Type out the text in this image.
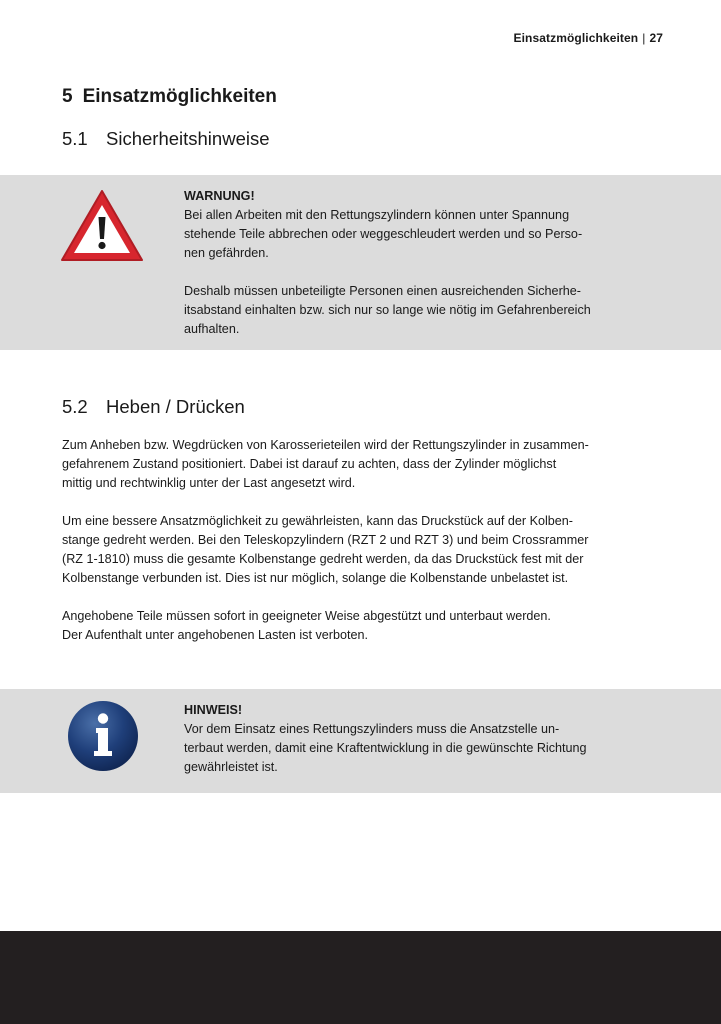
Einsatzmöglichkeiten | 27
5 Einsatzmöglichkeiten
5.1 Sicherheitshinweise

WARNUNG!

Bei allen Arbeiten mit den Rettungszylindern können unter Spannung

stehende Teile abbrechen oder weggeschleudert werden und so Perso-

nen gefährden.

Deshalb müssen unbeteiligte Personen einen ausreichenden Sicherhe-

itsabstand einhalten bzw. sich nur so lange wie nötig im Gefahrenbereich

aufhalten.

5.2 Heben / Drücken

Zum Anheben bzw. Wegdrücken von Karosserieteilen wird der Rettungszylinder in zusammen-
gefahrenem Zustand positioniert. Dabei ist darauf zu achten, dass der Zylinder möglichst
mittig und rechtwinklig unter der Last angesetzt wird.

Um eine bessere Ansatzmöglichkeit zu gewährleisten, kann das Druckstück auf der Kolben-
stange gedreht werden. Bei den Teleskopzylindern (RZT 2 und RZT 3) und beim Crossrammer
(RZ 1-1810) muss die gesamte Kolbenstange gedreht werden, da das Druckstück fest mit der
Kolbenstange verbunden ist. Dies ist nur möglich, solange die Kolbenstande unbelastet ist.

Angehobene Teile müssen sofort in geeigneter Weise abgestützt und unterbaut werden.
Der Aufenthalt unter angehobenen Lasten ist verboten.

HINWEIS!

Vor dem Einsatz eines Rettungszylinders muss die Ansatzstelle un-

terbaut werden, damit eine Kraftentwicklung in die gewünschte Richtung

gewährleistet ist.
